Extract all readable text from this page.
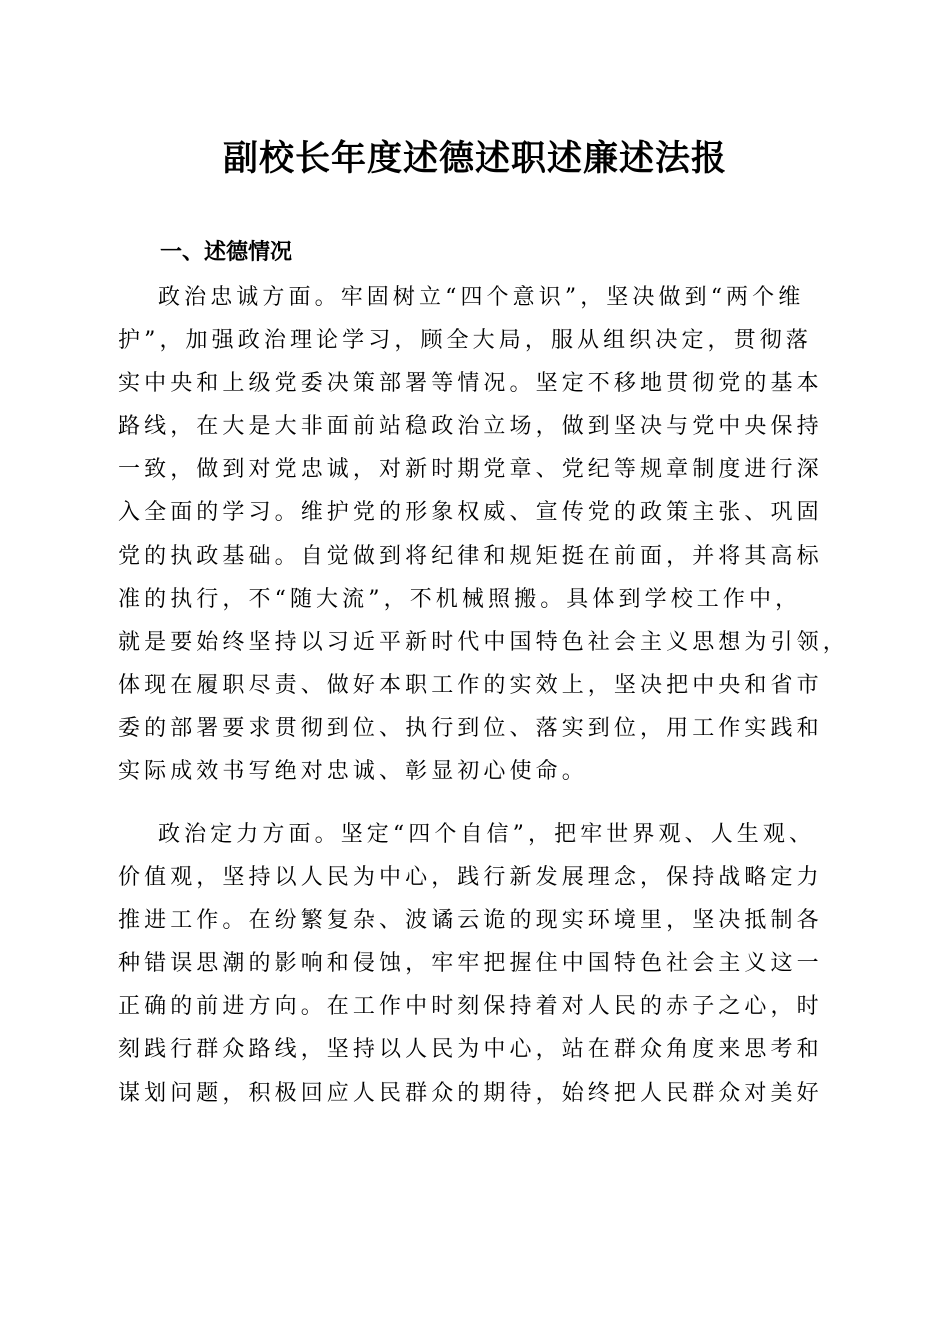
副校长年度述德述职述廉述法报
一、述德情况
政治忠诚方面。牢固树立“四个意识”，坚决做到“两个维
护”，加强政治理论学习，顾全大局，服从组织决定，贯彻落
实中央和上级党委决策部署等情况。坚定不移地贯彻党的基本
路线，在大是大非面前站稳政治立场，做到坚决与党中央保持
一致，做到对党忠诚，对新时期党章、党纪等规章制度进行深
入全面的学习。维护党的形象权威、宣传党的政策主张、巩固
党的执政基础。自觉做到将纪律和规矩挺在前面，并将其高标
准的执行，不“随大流”，不机械照搬。具体到学校工作中，
就是要始终坚持以习近平新时代中国特色社会主义思想为引领，
体现在履职尽责、做好本职工作的实效上，坚决把中央和省市
委的部署要求贯彻到位、执行到位、落实到位，用工作实践和
实际成效书写绝对忠诚、彰显初心使命。
政治定力方面。坚定“四个自信”，把牢世界观、人生观、
价值观，坚持以人民为中心，践行新发展理念，保持战略定力
推进工作。在纷繁复杂、波谲云诡的现实环境里，坚决抵制各
种错误思潮的影响和侵蚀，牢牢把握住中国特色社会主义这一
正确的前进方向。在工作中时刻保持着对人民的赤子之心，时
刻践行群众路线，坚持以人民为中心，站在群众角度来思考和
谋划问题，积极回应人民群众的期待，始终把人民群众对美好
